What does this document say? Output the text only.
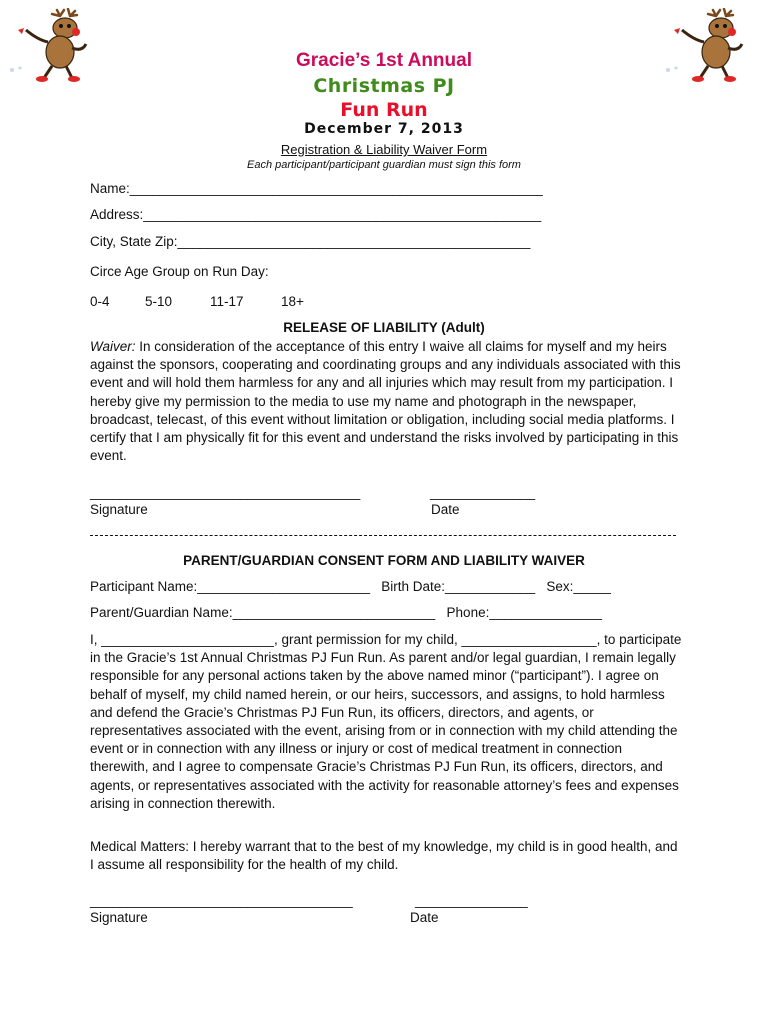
Gracie’s 1st Annual
Christmas PJ
Fun Run
December 7, 2013
Registration & Liability Waiver Form
Each participant/participant guardian must sign this form
Name:_______________________________________________________
Address:_____________________________________________________
City, State Zip:_______________________________________________
Circe Age Group on Run Day:
0-4	5-10	11-17	18+
RELEASE OF LIABILITY (Adult)
Waiver: In consideration of the acceptance of this entry I waive all claims for myself and my heirs against the sponsors, cooperating and coordinating groups and any individuals associated with this event and will hold them harmless for any and all injuries which may result from my participation. I hereby give my permission to the media to use my name and photograph in the newspaper, broadcast, telecast, of this event without limitation or obligation, including social media platforms. I certify that I am physically fit for this event and understand the risks involved by participating in this event.
____________________________________	______________
Signature	Date
PARENT/GUARDIAN CONSENT FORM AND LIABILITY WAIVER
Participant Name:_______________________   Birth Date:____________   Sex:_____
Parent/Guardian Name:___________________________   Phone:_______________
I, _______________________, grant permission for my child, __________________, to participate in the Gracie’s 1st Annual Christmas PJ Fun Run. As parent and/or legal guardian, I remain legally responsible for any personal actions taken by the above named minor (“participant”). I agree on behalf of myself, my child named herein, or our heirs, successors, and assigns, to hold harmless and defend the Gracie’s Christmas PJ Fun Run, its officers, directors, and agents, or representatives associated with the event, arising from or in connection with my child attending the event or in connection with any illness or injury or cost of medical treatment in connection therewith, and I agree to compensate Gracie’s Christmas PJ Fun Run, its officers, directors, and agents, or representatives associated with the activity for reasonable attorney’s fees and expenses arising in connection therewith.
Medical Matters: I hereby warrant that to the best of my knowledge, my child is in good health, and I assume all responsibility for the health of my child.
___________________________________	_______________
Signature	Date
